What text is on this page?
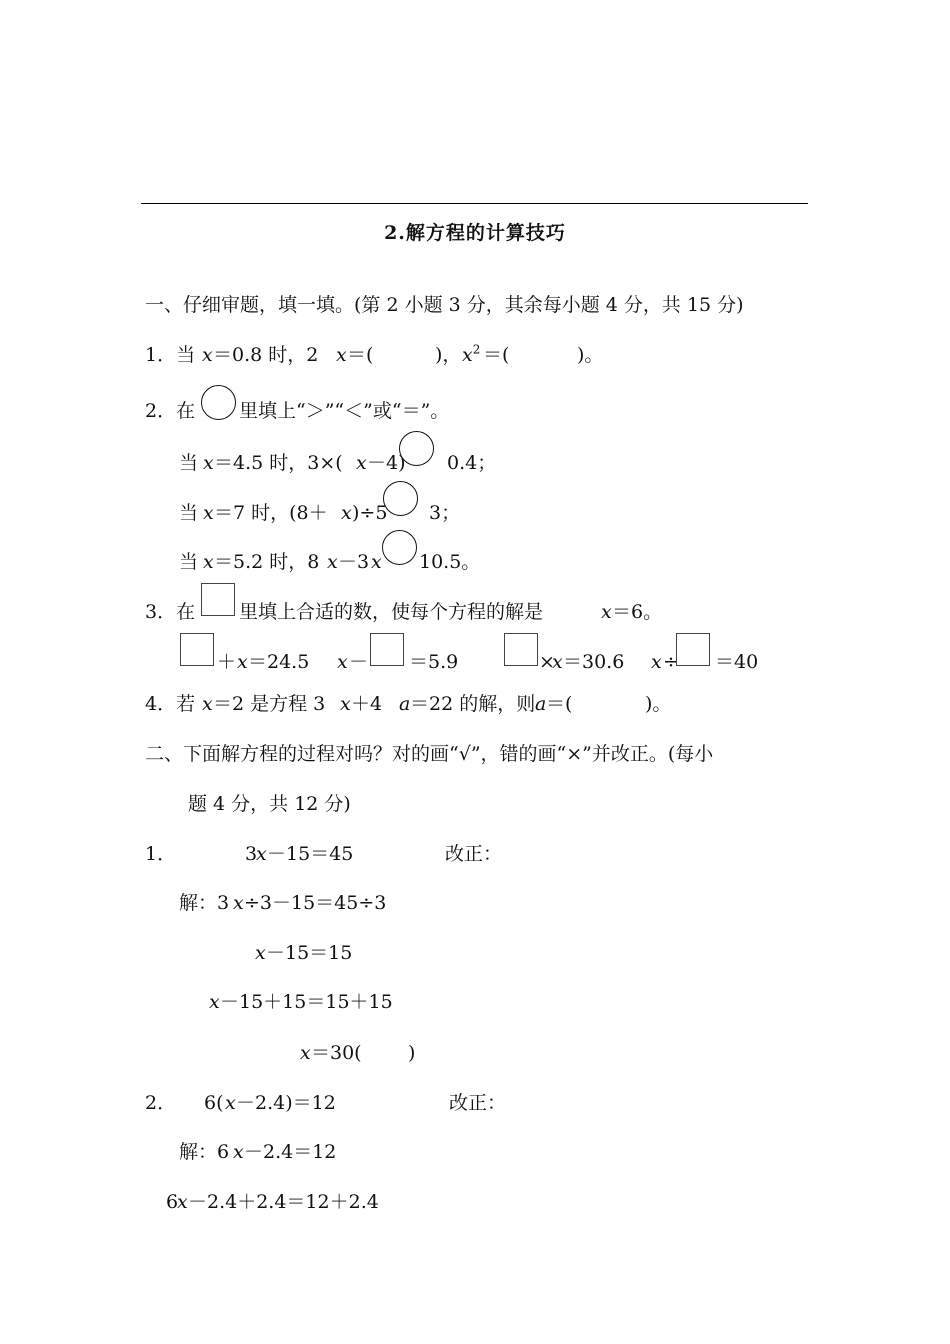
2.解方程的计算技巧
一、仔细审题，填一填。(第 2 小题 3 分，其余每小题 4 分，共 15 分)
1．当 x ＝0.8 时，2 x ＝(	)， $x^2$ ＝(	)。
2．在 里填上“＞”“＜”或“＝”。
当 x ＝4.5 时，3×( x －4) 0.4；
当 x ＝7 时，(8＋ x )÷5 3；
当 x ＝5.2 时，8 x －3 x 10.5。
3．在 里填上合适的数，使每个方程的解是	x ＝6。
＋ x ＝24.5 x － ＝5.9	×
x ＝30.6 x ÷ ＝40
4．若 x ＝2 是方程 3 x ＋4 a ＝22 的解，则 a ＝(	)。
二、下面解方程的过程对吗？对的画“√”，错的画“×”并改正。(每小
题 4 分，共 12 分)
1．	3
x －15＝45	改正：
解：3 x ÷3－15＝45÷3
x －15＝15
x －15＋15＝15＋15
x ＝30( )
2． 6( x －2.4)＝12	改正：
解：6 x －2.4＝12
6
x －2.4＋2.4＝12＋2.4
